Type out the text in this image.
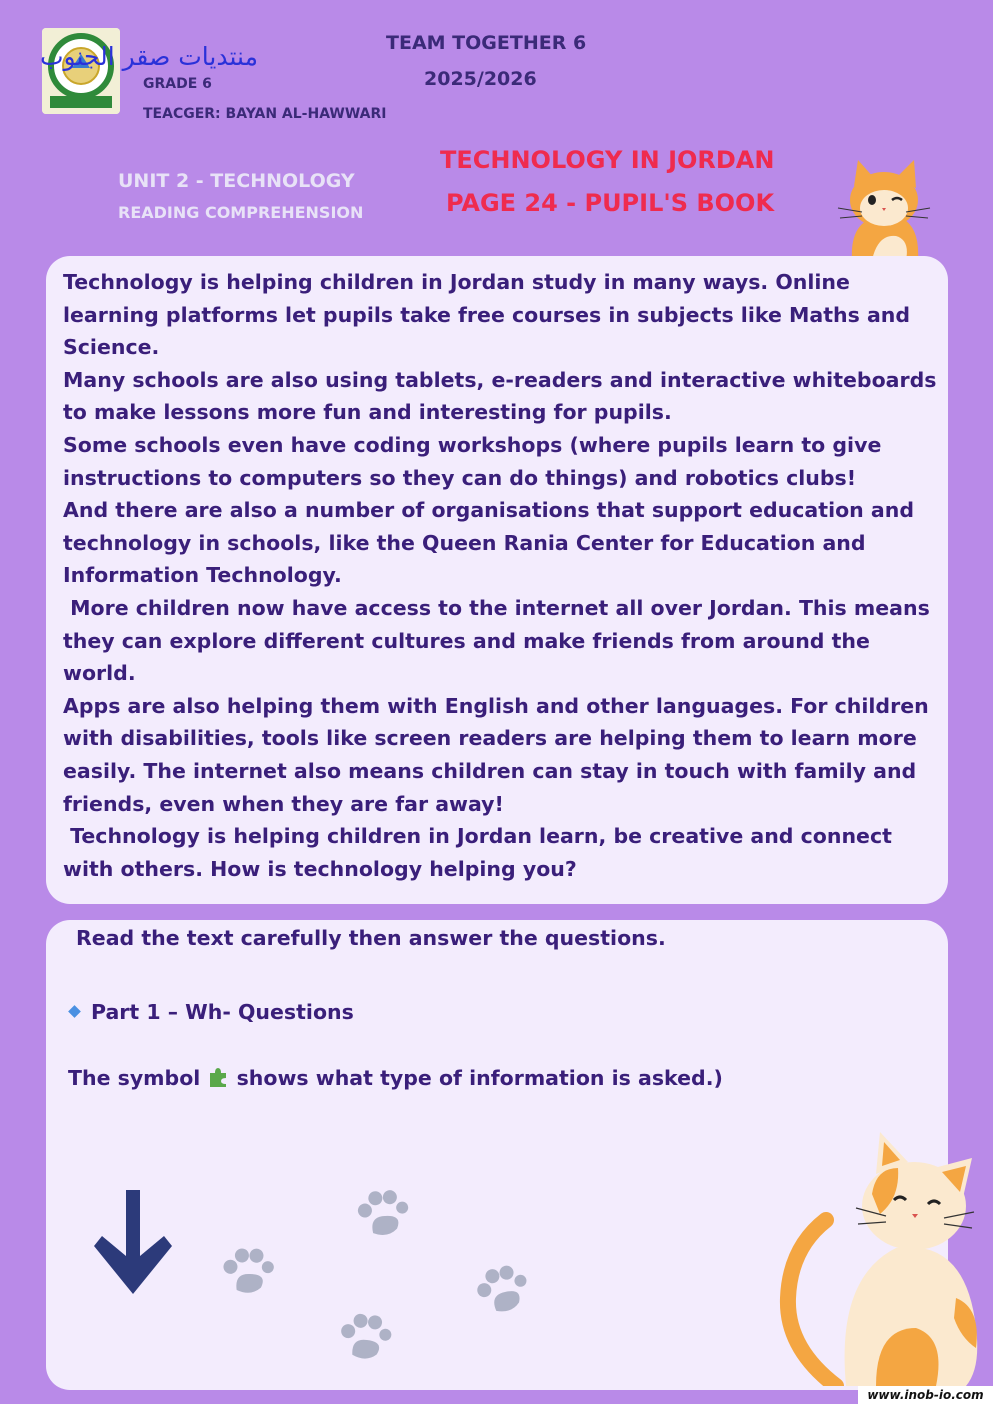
منتديات صقر الجنوب
GRADE 6
TEACGER: BAYAN AL-HAWWARI
TEAM TOGETHER 6
2025/2026
UNIT 2 - TECHNOLOGY
READING COMPREHENSION
TECHNOLOGY IN JORDAN
PAGE 24 - PUPIL'S BOOK

Technology is helping children in Jordan study in many ways. Online learning platforms let pupils take free courses in subjects like Maths and Science.

Many schools are also using tablets, e-readers and interactive whiteboards to make lessons more fun and interesting for pupils.

Some schools even have coding workshops (where pupils learn to give instructions to computers so they can do things) and robotics clubs!

And there are also a number of organisations that support education and technology in schools, like the Queen Rania Center for Education and Information Technology.

More children now have access to the internet all over Jordan. This means they can explore different cultures and make friends from around the world.

Apps are also helping them with English and other languages. For children with disabilities, tools like screen readers are helping them to learn more easily. The internet also means children can stay in touch with family and friends, even when they are far away!

Technology is helping children in Jordan learn, be creative and connect with others. How is technology helping you?

Read the text carefully then answer the questions.
Part 1 – Wh- Questions
The symbol  shows what type of information is asked.)
www.inob-io.com
